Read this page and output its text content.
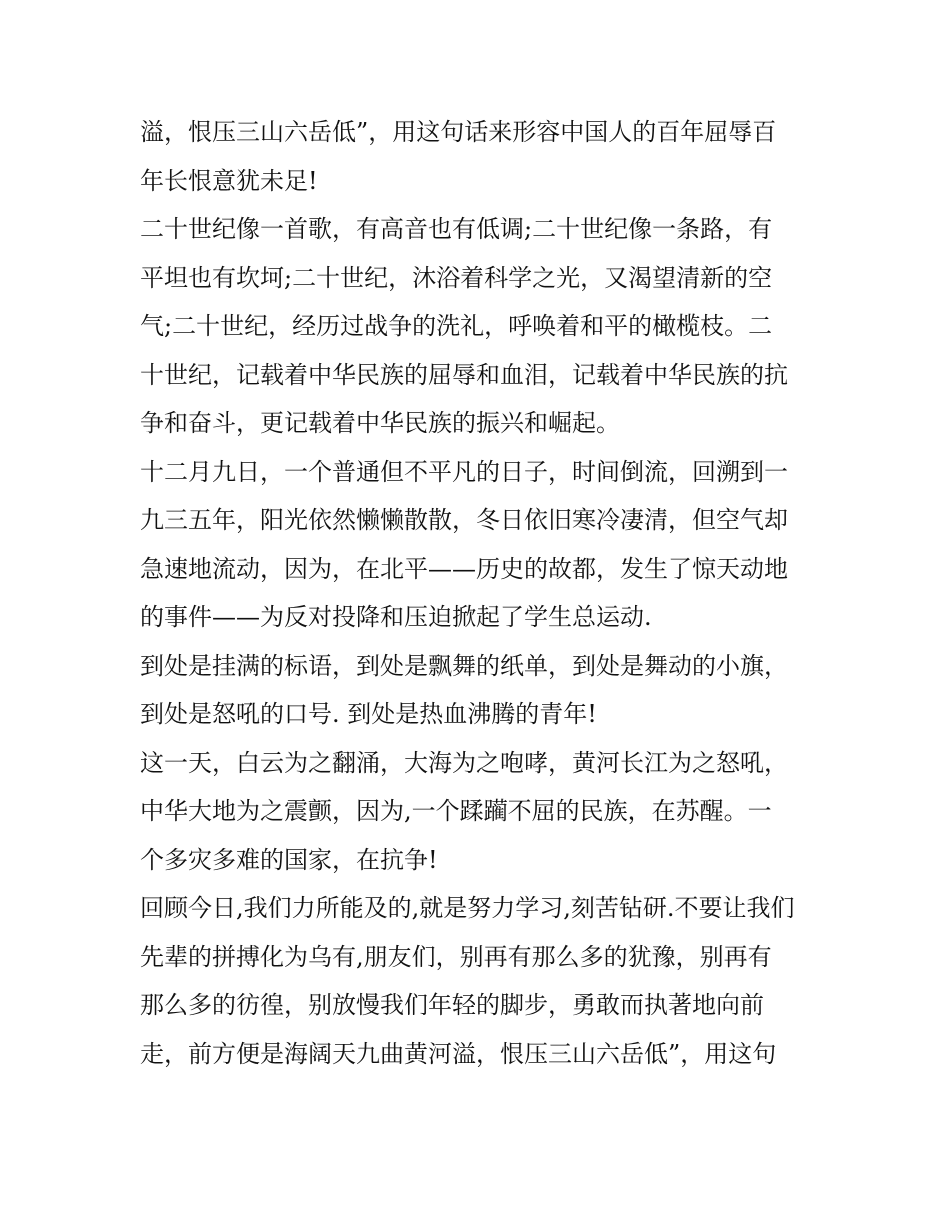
溢，恨压三山六岳低”，用这句话来形容中国人的百年屈辱百
年长恨意犹未足!
二十世纪像一首歌，有高音也有低调;二十世纪像一条路，有
平坦也有坎坷;二十世纪，沐浴着科学之光，又渴望清新的空
气;二十世纪，经历过战争的洗礼，呼唤着和平的橄榄枝。二
十世纪，记载着中华民族的屈辱和血泪，记载着中华民族的抗
争和奋斗，更记载着中华民族的振兴和崛起。
十二月九日，一个普通但不平凡的日子，时间倒流，回溯到一
九三五年，阳光依然懒懒散散，冬日依旧寒冷凄清，但空气却
急速地流动，因为，在北平——历史的故都，发生了惊天动地
的事件——为反对投降和压迫掀起了学生总运动.
到处是挂满的标语，到处是飘舞的纸单，到处是舞动的小旗，
到处是怒吼的口号. 到处是热血沸腾的青年!
这一天，白云为之翻涌，大海为之咆哮，黄河长江为之怒吼，
中华大地为之震颤，因为,一个蹂躏不屈的民族，在苏醒。一
个多灾多难的国家，在抗争!
回顾今日,我们力所能及的,就是努力学习,刻苦钻研.不要让我们
先辈的拼搏化为乌有,朋友们，别再有那么多的犹豫，别再有
那么多的彷徨，别放慢我们年轻的脚步，勇敢而执著地向前
走，前方便是海阔天九曲黄河溢，恨压三山六岳低”，用这句
